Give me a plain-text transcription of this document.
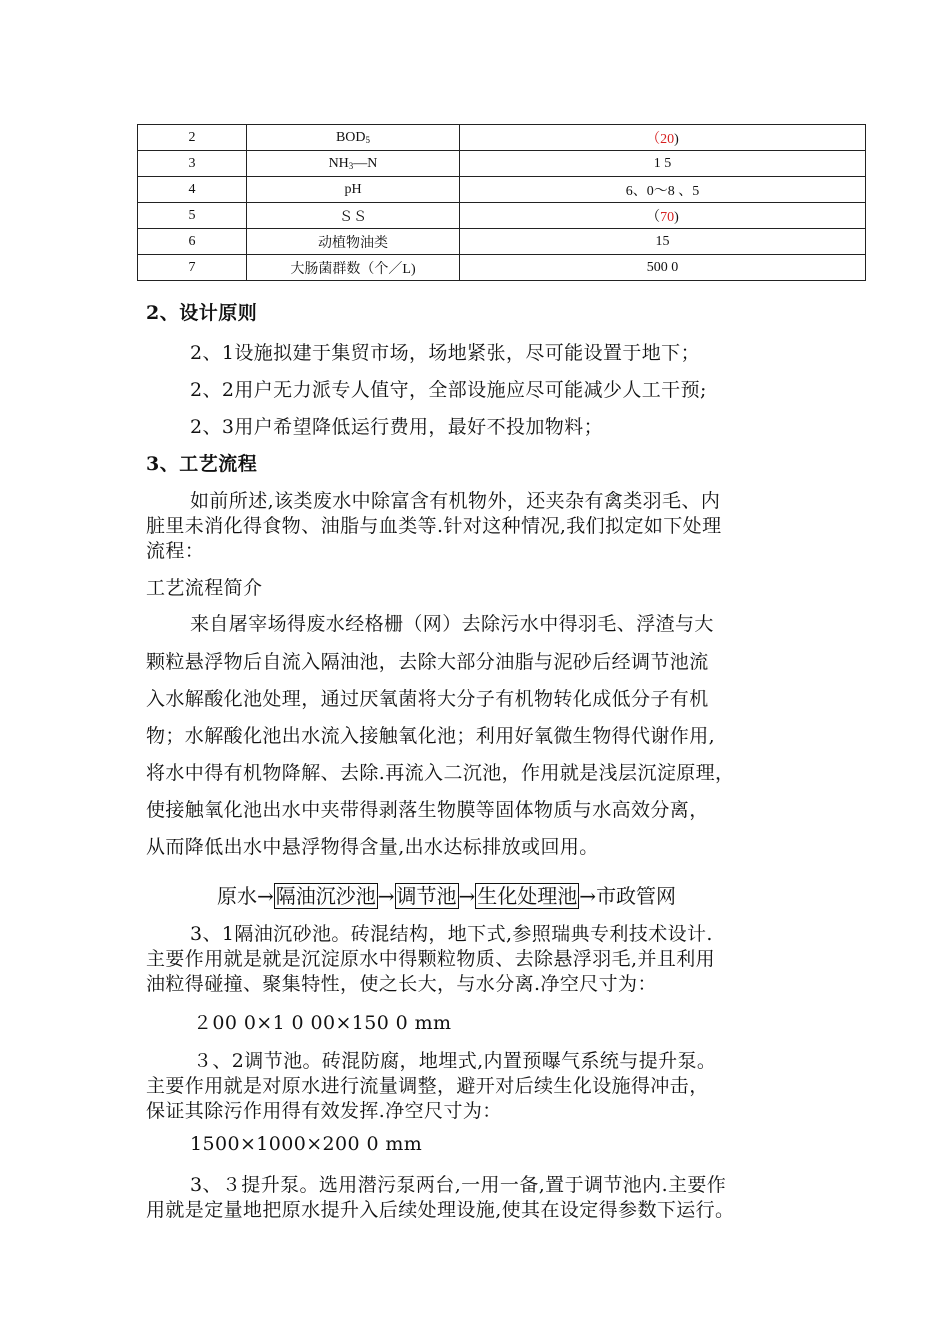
2	$BOD_5$	（20)
3	$NH_3—N$	1 5
4	pH	6、0～8 、5
5	ＳＳ	（70)
6	动植物油类	15
7	大肠菌群数（个／L)	500 0
2、设计原则
2、1设施拟建于集贸市场，场地紧张，尽可能设置于地下；
2、2用户无力派专人值守，全部设施应尽可能减少人工干预;
2、3用户希望降低运行费用，最好不投加物料；
3、工艺流程
如前所述,该类废水中除富含有机物外，还夹杂有禽类羽毛、内
脏里未消化得食物、油脂与血类等.针对这种情况,我们拟定如下处理
流程：
工艺流程简介
来自屠宰场得废水经格栅（网）去除污水中得羽毛、浮渣与大
颗粒悬浮物后自流入隔油池，去除大部分油脂与泥砂后经调节池流
入水解酸化池处理，通过厌氧菌将大分子有机物转化成低分子有机
物；水解酸化池出水流入接触氧化池；利用好氧微生物得代谢作用,
将水中得有机物降解、去除.再流入二沉池，作用就是浅层沉淀原理，
使接触氧化池出水中夹带得剥落生物膜等固体物质与水高效分离，
从而降低出水中悬浮物得含量,出水达标排放或回用。
原水→ 隔油沉沙池 → 调节池 → 生化处理池 →市政管网
3、1隔油沉砂池。砖混结构，地下式,参照瑞典专利技术设计.
主要作用就是就是沉淀原水中得颗粒物质、去除悬浮羽毛,并且利用
油粒得碰撞、聚集特性，使之长大，与水分离.净空尺寸为：
２00 0⨯1 0 00⨯150 0 mm
３、2调节池。砖混防腐，地埋式,内置预曝气系统与提升泵。
主要作用就是对原水进行流量调整，避开对后续生化设施得冲击，
保证其除污作用得有效发挥.净空尺寸为：
1500⨯1000⨯200 0 mm
3、３提升泵。选用潜污泵两台,一用一备,置于调节池内.主要作
用就是定量地把原水提升入后续处理设施,使其在设定得参数下运行。
